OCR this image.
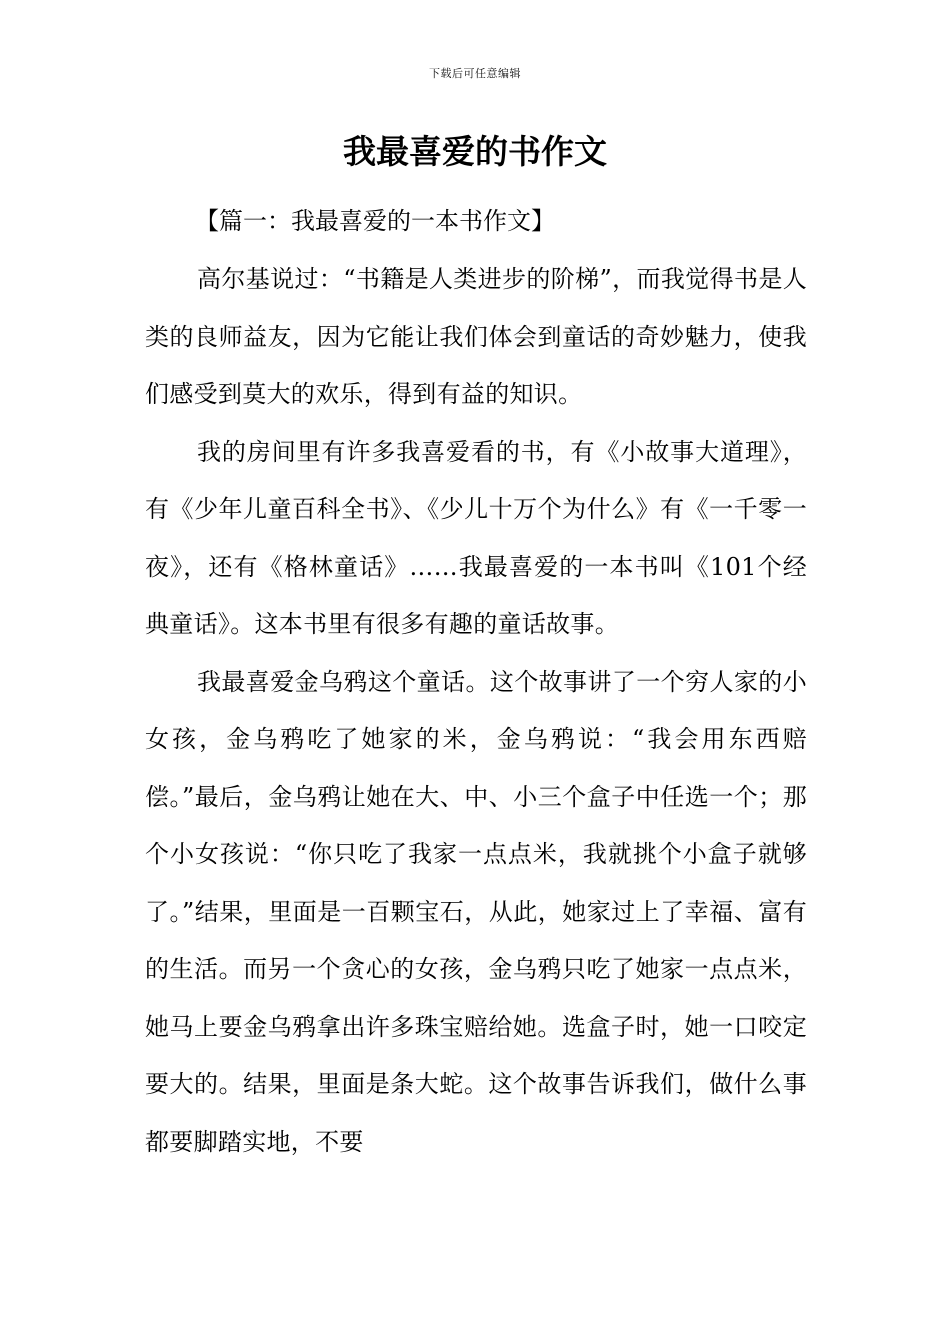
下载后可任意编辑
我最喜爱的书作文

【篇一：我最喜爱的一本书作文】

高尔基说过：“书籍是人类进步的阶梯”，而我觉得书是人类的良师益友，因为它能让我们体会到童话的奇妙魅力，使我们感受到莫大的欢乐，得到有益的知识。

我的房间里有许多我喜爱看的书，有《小故事大道理》，有《少年儿童百科全书》、《少儿十万个为什么》有《一千零一夜》，还有《格林童话》……我最喜爱的一本书叫《101个经典童话》。这本书里有很多有趣的童话故事。

我最喜爱金乌鸦这个童话。这个故事讲了一个穷人家的小女孩，金乌鸦吃了她家的米，金乌鸦说：“我会用东西赔偿。”最后，金乌鸦让她在大、中、小三个盒子中任选一个；那个小女孩说：“你只吃了我家一点点米，我就挑个小盒子就够了。”结果，里面是一百颗宝石，从此，她家过上了幸福、富有的生活。而另一个贪心的女孩，金乌鸦只吃了她家一点点米，她马上要金乌鸦拿出许多珠宝赔给她。选盒子时，她一口咬定要大的。结果，里面是条大蛇。这个故事告诉我们，做什么事都要脚踏实地，不要
